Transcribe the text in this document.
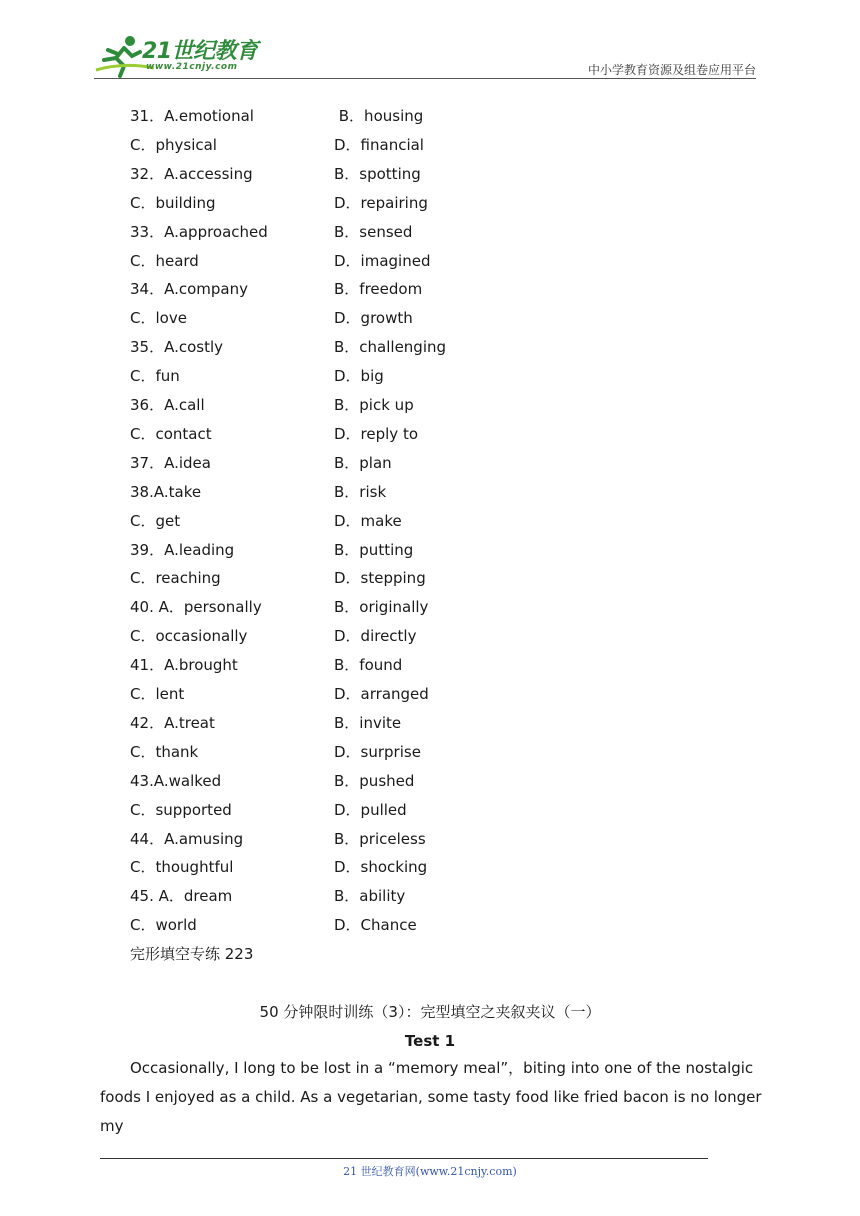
21世纪教育
www.21cnjy.com	中小学教育资源及组卷应用平台
31．A.emotional	B．housing
C．physical	D．financial
32．A.accessing	B．spotting
C．building	D．repairing
33．A.approached	B．sensed
C．heard	D．imagined
34．A.company	B．freedom
C．love	D．growth
35．A.costly	B．challenging
C．fun	D．big
36．A.call	B．pick up
C．contact	D．reply to
37．A.idea	B．plan
38.A.take	B．risk
C．get	D．make
39．A.leading	B．putting
C．reaching	D．stepping
40. A．personally	B．originally
C．occasionally	D．directly
41．A.brought	B．found
C．lent	D．arranged
42．A.treat	B．invite
C．thank	D．surprise
43.A.walked	B．pushed
C．supported	D．pulled
44．A.amusing	B．priceless
C．thoughtful	D．shocking
45. A．dream	B．ability
C．world	D．Chance
完形填空专练 223
50 分钟限时训练（3）：完型填空之夹叙夹议（一）
Test 1
Occasionally, I long to be lost in a “memory meal”，biting into one of the nostalgic
foods I enjoyed as a child. As a vegetarian, some tasty food like fried bacon is no longer my
21 世纪教育网(www.21cnjy.com)
